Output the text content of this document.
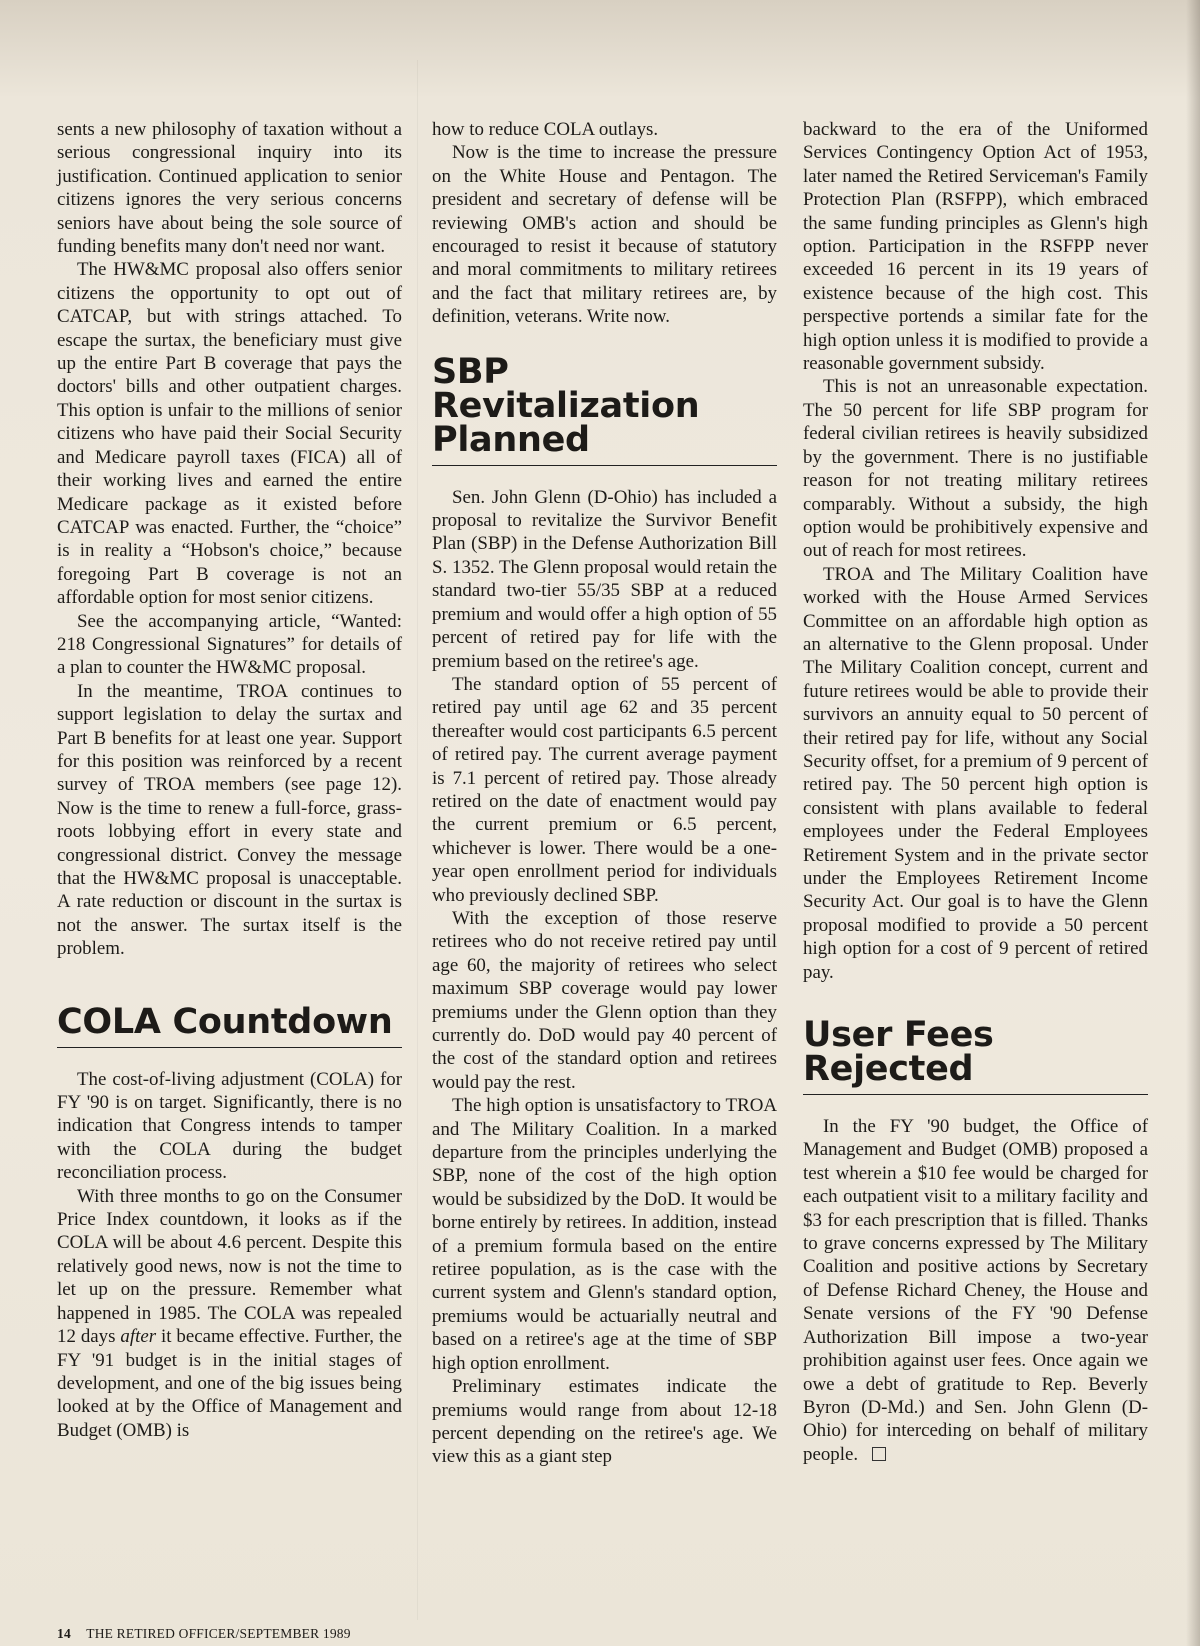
sents a new philosophy of taxation without a serious congressional inquiry into its justification. Continued application to senior citizens ignores the very serious concerns seniors have about being the sole source of funding benefits many don't need nor want.

The HW&MC proposal also offers senior citizens the opportunity to opt out of CATCAP, but with strings attached. To escape the surtax, the beneficiary must give up the entire Part B coverage that pays the doctors' bills and other outpatient charges. This option is unfair to the millions of senior citizens who have paid their Social Security and Medicare payroll taxes (FICA) all of their working lives and earned the entire Medicare package as it existed before CATCAP was enacted. Further, the “choice” is in reality a “Hobson's choice,” because foregoing Part B coverage is not an affordable option for most senior citizens.

See the accompanying article, “Wanted: 218 Congressional Signatures” for details of a plan to counter the HW&MC proposal.

In the meantime, TROA continues to support legislation to delay the surtax and Part B benefits for at least one year. Support for this position was reinforced by a recent survey of TROA members (see page 12). Now is the time to renew a full-force, grass-roots lobbying effort in every state and congressional district. Convey the message that the HW&MC proposal is unacceptable. A rate reduction or discount in the surtax is not the answer. The surtax itself is the problem.

COLA Countdown

The cost-of-living adjustment (COLA) for FY '90 is on target. Significantly, there is no indication that Congress intends to tamper with the COLA during the budget reconciliation process.

With three months to go on the Consumer Price Index countdown, it looks as if the COLA will be about 4.6 percent. Despite this relatively good news, now is not the time to let up on the pressure. Remember what happened in 1985. The COLA was repealed 12 days after it became effective. Further, the FY '91 budget is in the initial stages of development, and one of the big issues being looked at by the Office of Management and Budget (OMB) is

how to reduce COLA outlays.

Now is the time to increase the pressure on the White House and Pentagon. The president and secretary of defense will be reviewing OMB's action and should be encouraged to resist it because of statutory and moral commitments to military retirees and the fact that military retirees are, by definition, veterans. Write now.

SBP Revitalization Planned

Sen. John Glenn (D-Ohio) has included a proposal to revitalize the Survivor Benefit Plan (SBP) in the Defense Authorization Bill S. 1352. The Glenn proposal would retain the standard two-tier 55/35 SBP at a reduced premium and would offer a high option of 55 percent of retired pay for life with the premium based on the retiree's age.

The standard option of 55 percent of retired pay until age 62 and 35 percent thereafter would cost participants 6.5 percent of retired pay. The current average payment is 7.1 percent of retired pay. Those already retired on the date of enactment would pay the current premium or 6.5 percent, whichever is lower. There would be a one-year open enrollment period for individuals who previously declined SBP.

With the exception of those reserve retirees who do not receive retired pay until age 60, the majority of retirees who select maximum SBP coverage would pay lower premiums under the Glenn option than they currently do. DoD would pay 40 percent of the cost of the standard option and retirees would pay the rest.

The high option is unsatisfactory to TROA and The Military Coalition. In a marked departure from the principles underlying the SBP, none of the cost of the high option would be subsidized by the DoD. It would be borne entirely by retirees. In addition, instead of a premium formula based on the entire retiree population, as is the case with the current system and Glenn's standard option, premiums would be actuarially neutral and based on a retiree's age at the time of SBP high option enrollment.

Preliminary estimates indicate the premiums would range from about 12-18 percent depending on the retiree's age. We view this as a giant step

backward to the era of the Uniformed Services Contingency Option Act of 1953, later named the Retired Serviceman's Family Protection Plan (RSFPP), which embraced the same funding principles as Glenn's high option. Participation in the RSFPP never exceeded 16 percent in its 19 years of existence because of the high cost. This perspective portends a similar fate for the high option unless it is modified to provide a reasonable government subsidy.

This is not an unreasonable expectation. The 50 percent for life SBP program for federal civilian retirees is heavily subsidized by the government. There is no justifiable reason for not treating military retirees comparably. Without a subsidy, the high option would be prohibitively expensive and out of reach for most retirees.

TROA and The Military Coalition have worked with the House Armed Services Committee on an affordable high option as an alternative to the Glenn proposal. Under The Military Coalition concept, current and future retirees would be able to provide their survivors an annuity equal to 50 percent of their retired pay for life, without any Social Security offset, for a premium of 9 percent of retired pay. The 50 percent high option is consistent with plans available to federal employees under the Federal Employees Retirement System and in the private sector under the Employees Retirement Income Security Act. Our goal is to have the Glenn proposal modified to provide a 50 percent high option for a cost of 9 percent of retired pay.

User Fees Rejected

In the FY '90 budget, the Office of Management and Budget (OMB) proposed a test wherein a $10 fee would be charged for each outpatient visit to a military facility and $3 for each prescription that is filled. Thanks to grave concerns expressed by The Military Coalition and positive actions by Secretary of Defense Richard Cheney, the House and Senate versions of the FY '90 Defense Authorization Bill impose a two-year prohibition against user fees. Once again we owe a debt of gratitude to Rep. Beverly Byron (D-Md.) and Sen. John Glenn (D-Ohio) for interceding on behalf of military people.

14 THE RETIRED OFFICER/SEPTEMBER 1989
